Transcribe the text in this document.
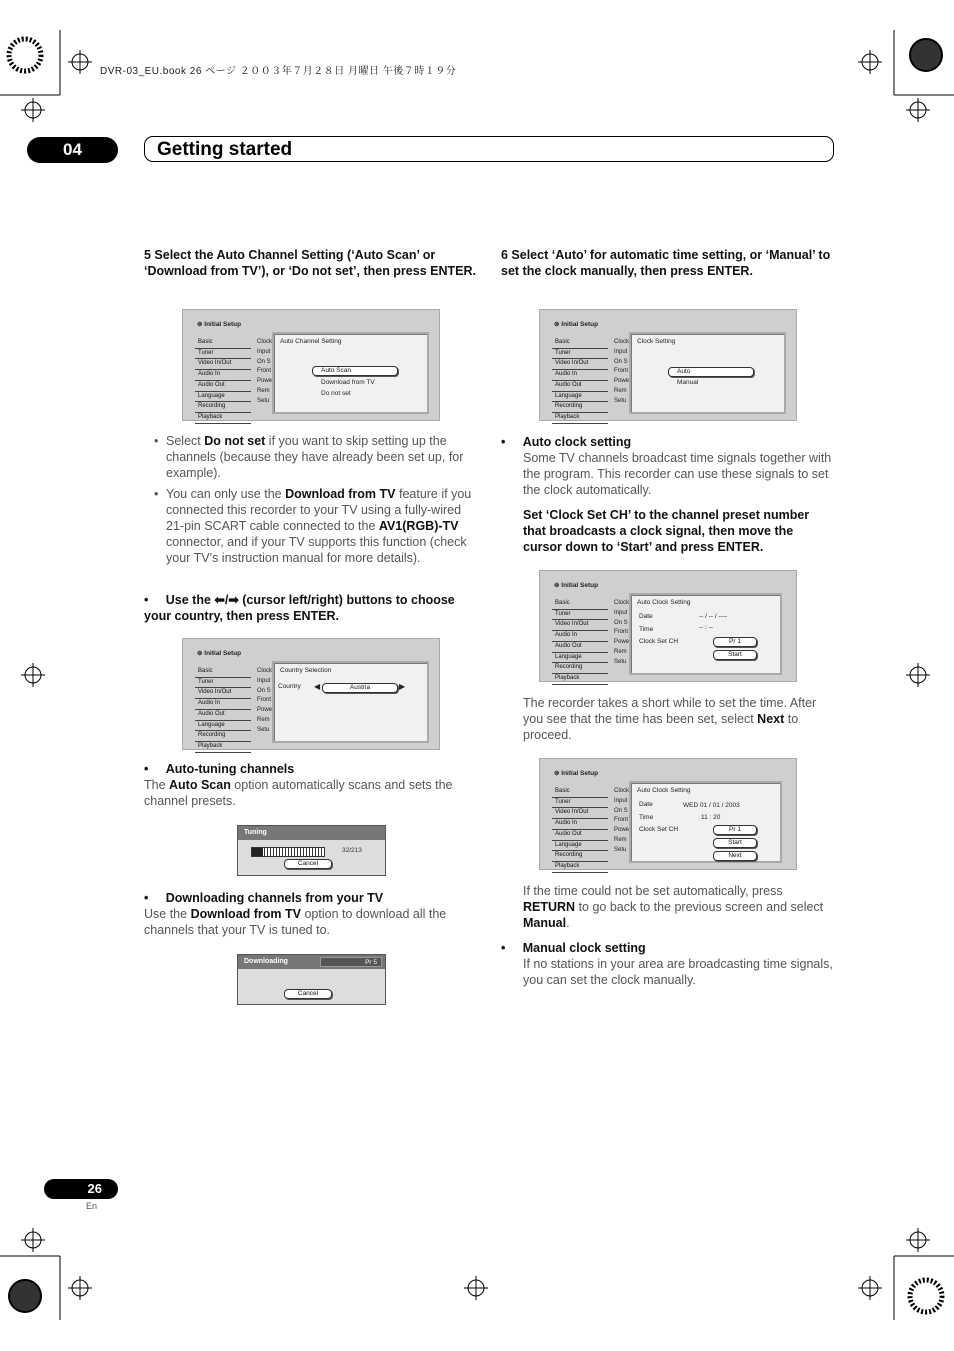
DVR-03_EU.book 26 ページ ２００３年７月２８日 月曜日 午後７時１９分
04	Getting started
5 Select the Auto Channel Setting (‘Auto Scan’ or ‘Download from TV’), or ‘Do not set’, then press ENTER.
⊚ Initial Setup
Basic
Tuner
Video In/Out
Audio In
Audio Out
Language
Recording
Playback
Clock
Input
On S
Front
Powe
Rem
Setu
Auto Channel Setting
Auto Scan
Download from TV
Do not set
• Select Do not set if you want to skip setting up the channels (because they have already been set up, for example).
• You can only use the Download from TV feature if you connected this recorder to your TV using a fully-wired 21-pin SCART cable connected to the AV1(RGB)-TV connector, and if your TV supports this function (check your TV’s instruction manual for more details).
•     Use the ⬅/➡ (cursor left/right) buttons to choose your country, then press ENTER.
⊚ Initial Setup
Basic
Tuner
Video In/Out
Audio In
Audio Out
Language
Recording
Playback
Clock
Input
On S
Front
Powe
Rem
Setu
Country Selection
Country ◀	Austria	▶
•     Auto-tuning channels
The Auto Scan option automatically scans and sets the channel presets.
Tuning
32/213
Cancel
•     Downloading channels from your TV
Use the Download from TV option to download all the channels that your TV is tuned to.
Downloading	Pr 5
Cancel
6 Select ‘Auto’ for automatic time setting, or ‘Manual’ to set the clock manually, then press ENTER.
⊚ Initial Setup
Basic
Tuner
Video In/Out
Audio In
Audio Out
Language
Recording
Playback
Clock
Input
On S
Front
Powe
Rem
Setu
Clock Setting
Auto
Manual
•     Auto clock setting
Some TV channels broadcast time signals together with the program. This recorder can use these signals to set the clock automatically.
Set ‘Clock Set CH’ to the channel preset number that broadcasts a clock signal, then move the cursor down to ‘Start’ and press ENTER.
⊚ Initial Setup
Basic
Tuner
Video In/Out
Audio In
Audio Out
Language
Recording
Playback
Clock
Input
On S
Front
Powe
Rem
Setu
Auto Clock Setting
Date	-- / -- / ----
Time	-- : --
Clock Set CH	Pr 1
Start
The recorder takes a short while to set the time. After you see that the time has been set, select Next to proceed.
⊚ Initial Setup
Basic
Tuner
Video In/Out
Audio In
Audio Out
Language
Recording
Playback
Clock
Input
On S
Front
Powe
Rem
Setu
Auto Clock Setting
Date	WED 01 / 01 / 2003
Time	11 : 20
Clock Set CH	Pr 1
Start
Next
If the time could not be set automatically, press RETURN to go back to the previous screen and select Manual.
•     Manual clock setting
If no stations in your area are broadcasting time signals, you can set the clock manually.
26
En
